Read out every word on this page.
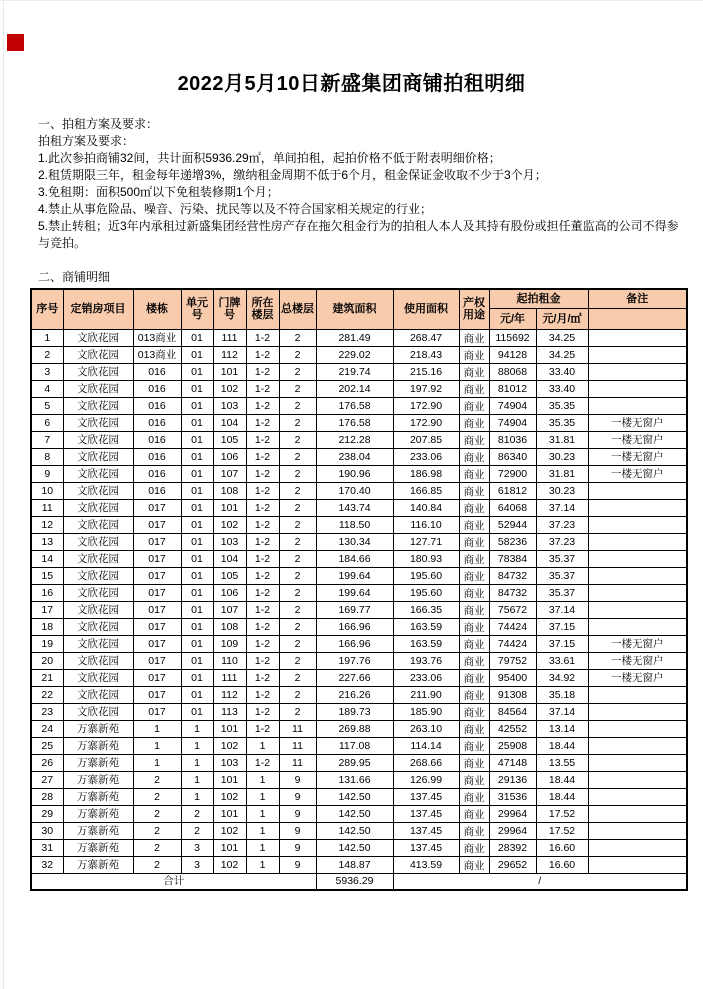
2022月5月10日新盛集团商铺拍租明细
一、拍租方案及要求：
拍租方案及要求：
1.此次参拍商铺32间，共计面积5936.29㎡，单间拍租，起拍价格不低于附表明细价格；
2.租赁期限三年，租金每年递增3%，缴纳租金周期不低于6个月，租金保证金收取不少于3个月；
3.免租期：面积500㎡以下免租装修期1个月；
4.禁止从事危险品、噪音、污染、扰民等以及不符合国家相关规定的行业；
5.禁止转租；近3年内承租过新盛集团经营性房产存在拖欠租金行为的拍租人本人及其持有股份或担任董监高的公司不得参
与竞拍。
二、商铺明细
序号	定销房项目	楼栋	单元号	门牌号	所在楼层	总楼层	建筑面积	使用面积	产权用途	起拍租金		备注
										元/年	元/月/㎡	
1	文欣花园	013商业	01	111	1-2	2	281.49	268.47	商业	115692	34.25	
2	文欣花园	013商业	01	112	1-2	2	229.02	218.43	商业	94128	34.25	
3	文欣花园	016	01	101	1-2	2	219.74	215.16	商业	88068	33.40	
4	文欣花园	016	01	102	1-2	2	202.14	197.92	商业	81012	33.40	
5	文欣花园	016	01	103	1-2	2	176.58	172.90	商业	74904	35.35	
6	文欣花园	016	01	104	1-2	2	176.58	172.90	商业	74904	35.35	一楼无窗户
7	文欣花园	016	01	105	1-2	2	212.28	207.85	商业	81036	31.81	一楼无窗户
8	文欣花园	016	01	106	1-2	2	238.04	233.06	商业	86340	30.23	一楼无窗户
9	文欣花园	016	01	107	1-2	2	190.96	186.98	商业	72900	31.81	一楼无窗户
10	文欣花园	016	01	108	1-2	2	170.40	166.85	商业	61812	30.23	
11	文欣花园	017	01	101	1-2	2	143.74	140.84	商业	64068	37.14	
12	文欣花园	017	01	102	1-2	2	118.50	116.10	商业	52944	37.23	
13	文欣花园	017	01	103	1-2	2	130.34	127.71	商业	58236	37.23	
14	文欣花园	017	01	104	1-2	2	184.66	180.93	商业	78384	35.37	
15	文欣花园	017	01	105	1-2	2	199.64	195.60	商业	84732	35.37	
16	文欣花园	017	01	106	1-2	2	199.64	195.60	商业	84732	35.37	
17	文欣花园	017	01	107	1-2	2	169.77	166.35	商业	75672	37.14	
18	文欣花园	017	01	108	1-2	2	166.96	163.59	商业	74424	37.15	
19	文欣花园	017	01	109	1-2	2	166.96	163.59	商业	74424	37.15	一楼无窗户
20	文欣花园	017	01	110	1-2	2	197.76	193.76	商业	79752	33.61	一楼无窗户
21	文欣花园	017	01	111	1-2	2	227.66	233.06	商业	95400	34.92	一楼无窗户
22	文欣花园	017	01	112	1-2	2	216.26	211.90	商业	91308	35.18	
23	文欣花园	017	01	113	1-2	2	189.73	185.90	商业	84564	37.14	
24	万寨新苑	1	1	101	1-2	11	269.88	263.10	商业	42552	13.14	
25	万寨新苑	1	1	102	1	11	117.08	114.14	商业	25908	18.44	
26	万寨新苑	1	1	103	1-2	11	289.95	268.66	商业	47148	13.55	
27	万寨新苑	2	1	101	1	9	131.66	126.99	商业	29136	18.44	
28	万寨新苑	2	1	102	1	9	142.50	137.45	商业	31536	18.44	
29	万寨新苑	2	2	101	1	9	142.50	137.45	商业	29964	17.52	
30	万寨新苑	2	2	102	1	9	142.50	137.45	商业	29964	17.52	
31	万寨新苑	2	3	101	1	9	142.50	137.45	商业	28392	16.60	
32	万寨新苑	2	3	102	1	9	148.87	413.59	商业	29652	16.60	
合计							5936.29	/				
